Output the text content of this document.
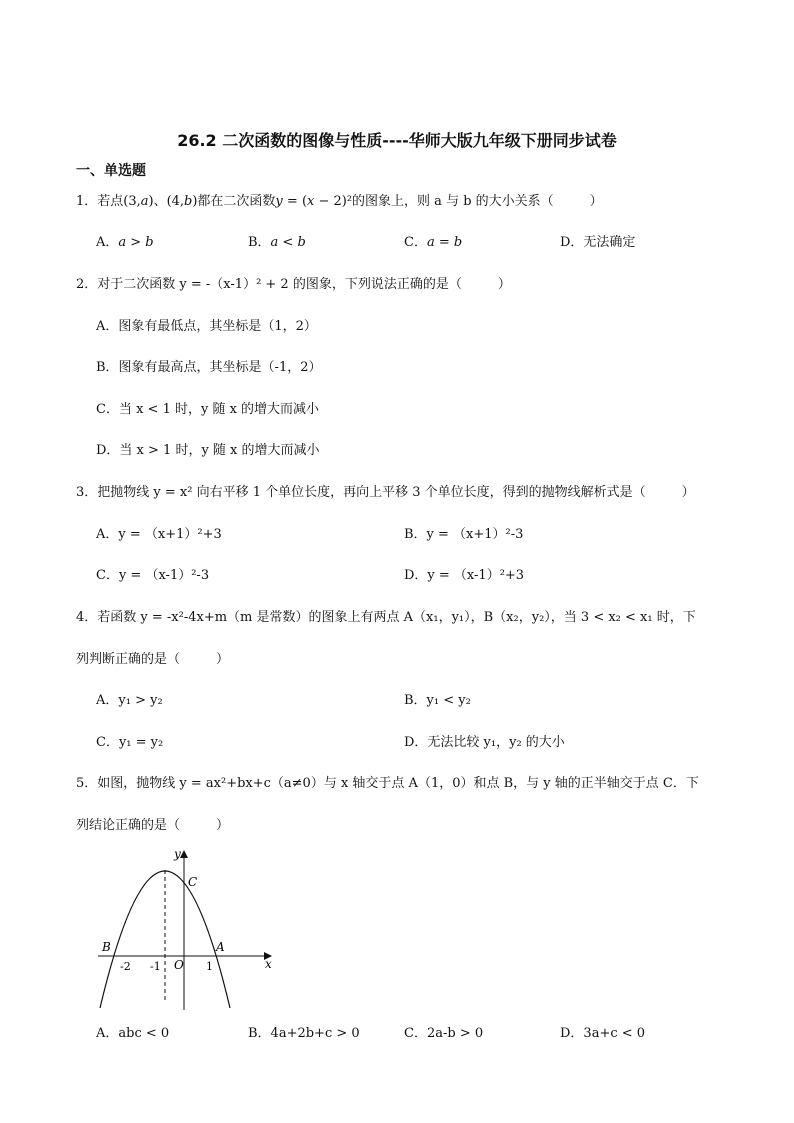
26.2 二次函数的图像与性质----华师大版九年级下册同步试卷
一、单选题
1．若点(3,𝑎)、(4,𝑏)都在二次函数𝑦 = (𝑥 − 2)²的图象上，则 a 与 b 的大小关系（	）
A．𝑎 > 𝑏	B．𝑎 < 𝑏	C．𝑎 = 𝑏	D．无法确定
2．对于二次函数 y = -（x-1）² + 2 的图象，下列说法正确的是（	）
A．图象有最低点，其坐标是（1，2）
B．图象有最高点，其坐标是（-1，2）
C．当 x < 1 时，y 随 x 的增大而减小
D．当 x > 1 时，y 随 x 的增大而减小
3．把抛物线 y = x² 向右平移 1 个单位长度，再向上平移 3 个单位长度，得到的抛物线解析式是（	）
A．y = （x+1）²+3	B．y = （x+1）²-3
C．y = （x-1）²-3	D．y = （x-1）²+3
4．若函数 y = -x²-4x+m（m 是常数）的图象上有两点 A（x₁，y₁），B（x₂，y₂），当 3 < x₂ < x₁ 时，下
列判断正确的是（	）
A．y₁ > y₂	B．y₁ < y₂
C．y₁ = y₂	D．无法比较 y₁，y₂ 的大小
5．如图，抛物线 y = ax²+bx+c（a≠0）与 x 轴交于点 A（1，0）和点 B，与 y 轴的正半轴交于点 C．下
列结论正确的是（	）
y
x
C
B	A
O
-2 -1	1
A．abc < 0	B．4a+2b+c > 0	C．2a-b > 0	D．3a+c < 0
